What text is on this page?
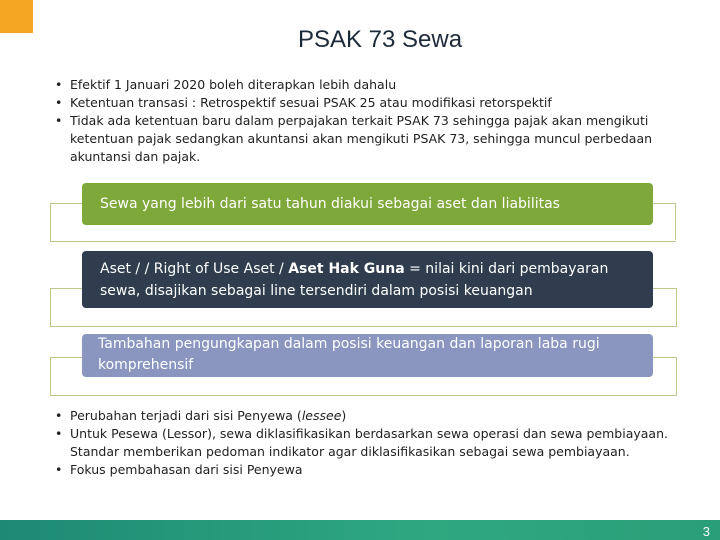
PSAK 73 Sewa
• Efektif 1 Januari 2020 boleh diterapkan lebih dahalu
• Ketentuan transasi : Retrospektif sesuai PSAK 25 atau modifikasi retorspektif
• Tidak ada ketentuan baru dalam perpajakan terkait PSAK 73 sehingga pajak akan mengikuti ketentuan pajak sedangkan akuntansi akan mengikuti PSAK 73, sehingga muncul perbedaan akuntansi dan pajak.
Sewa yang lebih dari satu tahun diakui sebagai aset dan liabilitas
Aset / / Right of Use Aset / Aset Hak Guna = nilai kini dari pembayaran sewa, disajikan sebagai line tersendiri dalam posisi keuangan
Tambahan pengungkapan dalam posisi keuangan dan laporan laba rugi komprehensif
• Perubahan terjadi dari sisi Penyewa (lessee)
• Untuk Pesewa (Lessor), sewa diklasifikasikan berdasarkan sewa operasi dan sewa pembiayaan. Standar memberikan pedoman indikator agar diklasifikasikan sebagai sewa pembiayaan.
• Fokus pembahasan dari sisi Penyewa
3
